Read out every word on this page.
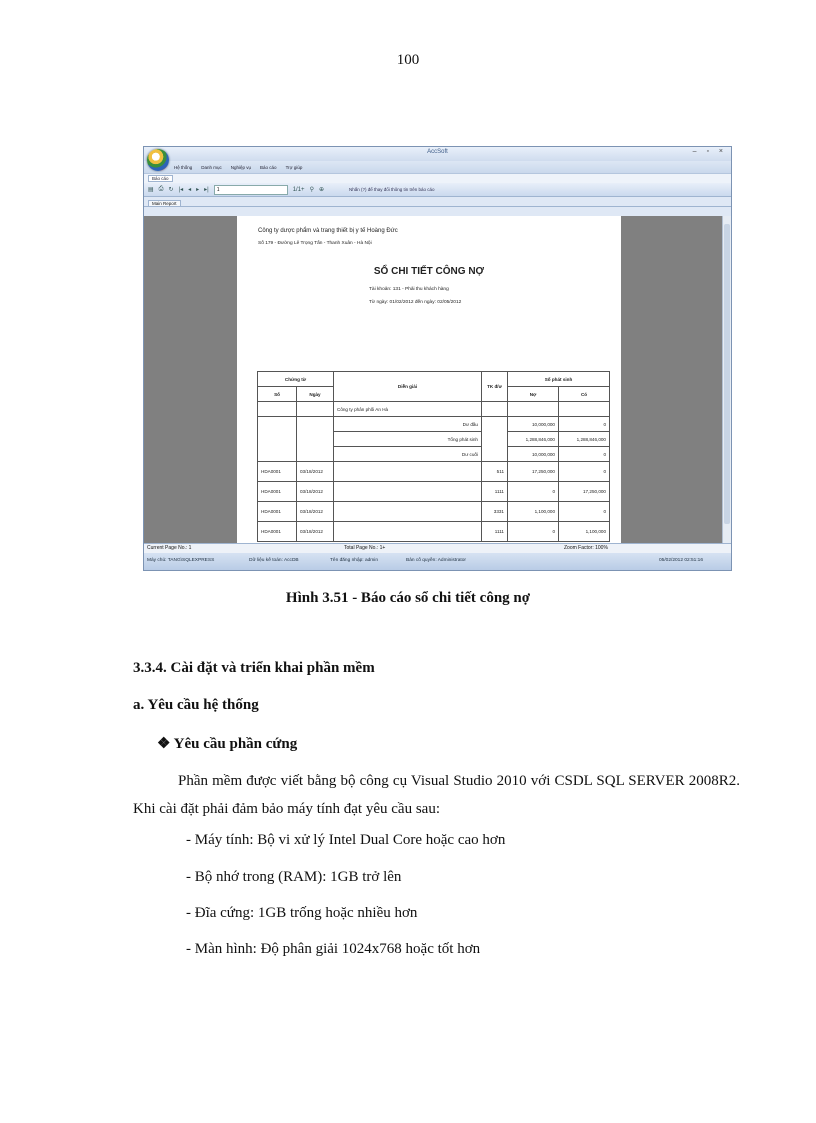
100
AccSoft	– ▫ ×
Hệ thống Danh mục Nghiệp vụ Báo cáo Trợ giúp
Báo cáo
▤ ⎙ ↻ |◂ ◂ ▸ ▸|	1	1/1+ ⚲ ⊕	Nhấn (?) để thay đổi thông tin trên báo cáo
Main Report
Công ty dược phẩm và trang thiết bị y tế Hoàng Đức
Số 179 - Đường Lê Trọng Tấn - Thanh Xuân - Hà Nội
SỔ CHI TIẾT CÔNG NỢ
Tài khoản: 131 - Phải thu khách hàng
Từ ngày: 01/02/2012 đến ngày: 02/05/2012
Chứng từ		Diễn giải	TK đ/ư	Số phát sinh	
Số	Ngày			Nợ	Có
		Công ty phân phối An Hà			
		Dư đầu		10,000,000	0
		Tổng phát sinh		1,288,846,000	1,288,846,000
		Dư cuối		10,000,000	0
HDA0001	03/18/2012		511	17,250,000	0
HDA0001	03/18/2012		1111	0	17,250,000
HDA0001	03/18/2012		3331	1,100,000	0
HDA0001	03/18/2012		1111	0	1,100,000
Current Page No.: 1	Total Page No.: 1+	Zoom Factor: 100%
Máy chủ: TANG\SQLEXPRESS	Dữ liệu kế toán: AccDB	Tên đăng nhập: admin	Bản cố quyền: Administrator	05/02/2012 02:51:16
Hình 3.51 - Báo cáo sổ chi tiết công nợ
3.3.4. Cài đặt và triển khai phần mềm
a. Yêu cầu hệ thống
❖ Yêu cầu phần cứng
Phần mềm được viết bằng bộ công cụ Visual Studio 2010 với CSDL SQL SERVER 2008R2. Khi cài đặt phải đảm bảo máy tính đạt yêu cầu sau:
- Máy tính: Bộ vi xử lý Intel Dual Core hoặc cao hơn
- Bộ nhớ trong (RAM): 1GB trở lên
- Đĩa cứng: 1GB trống hoặc nhiều hơn
- Màn hình: Độ phân giải 1024x768 hoặc tốt hơn
